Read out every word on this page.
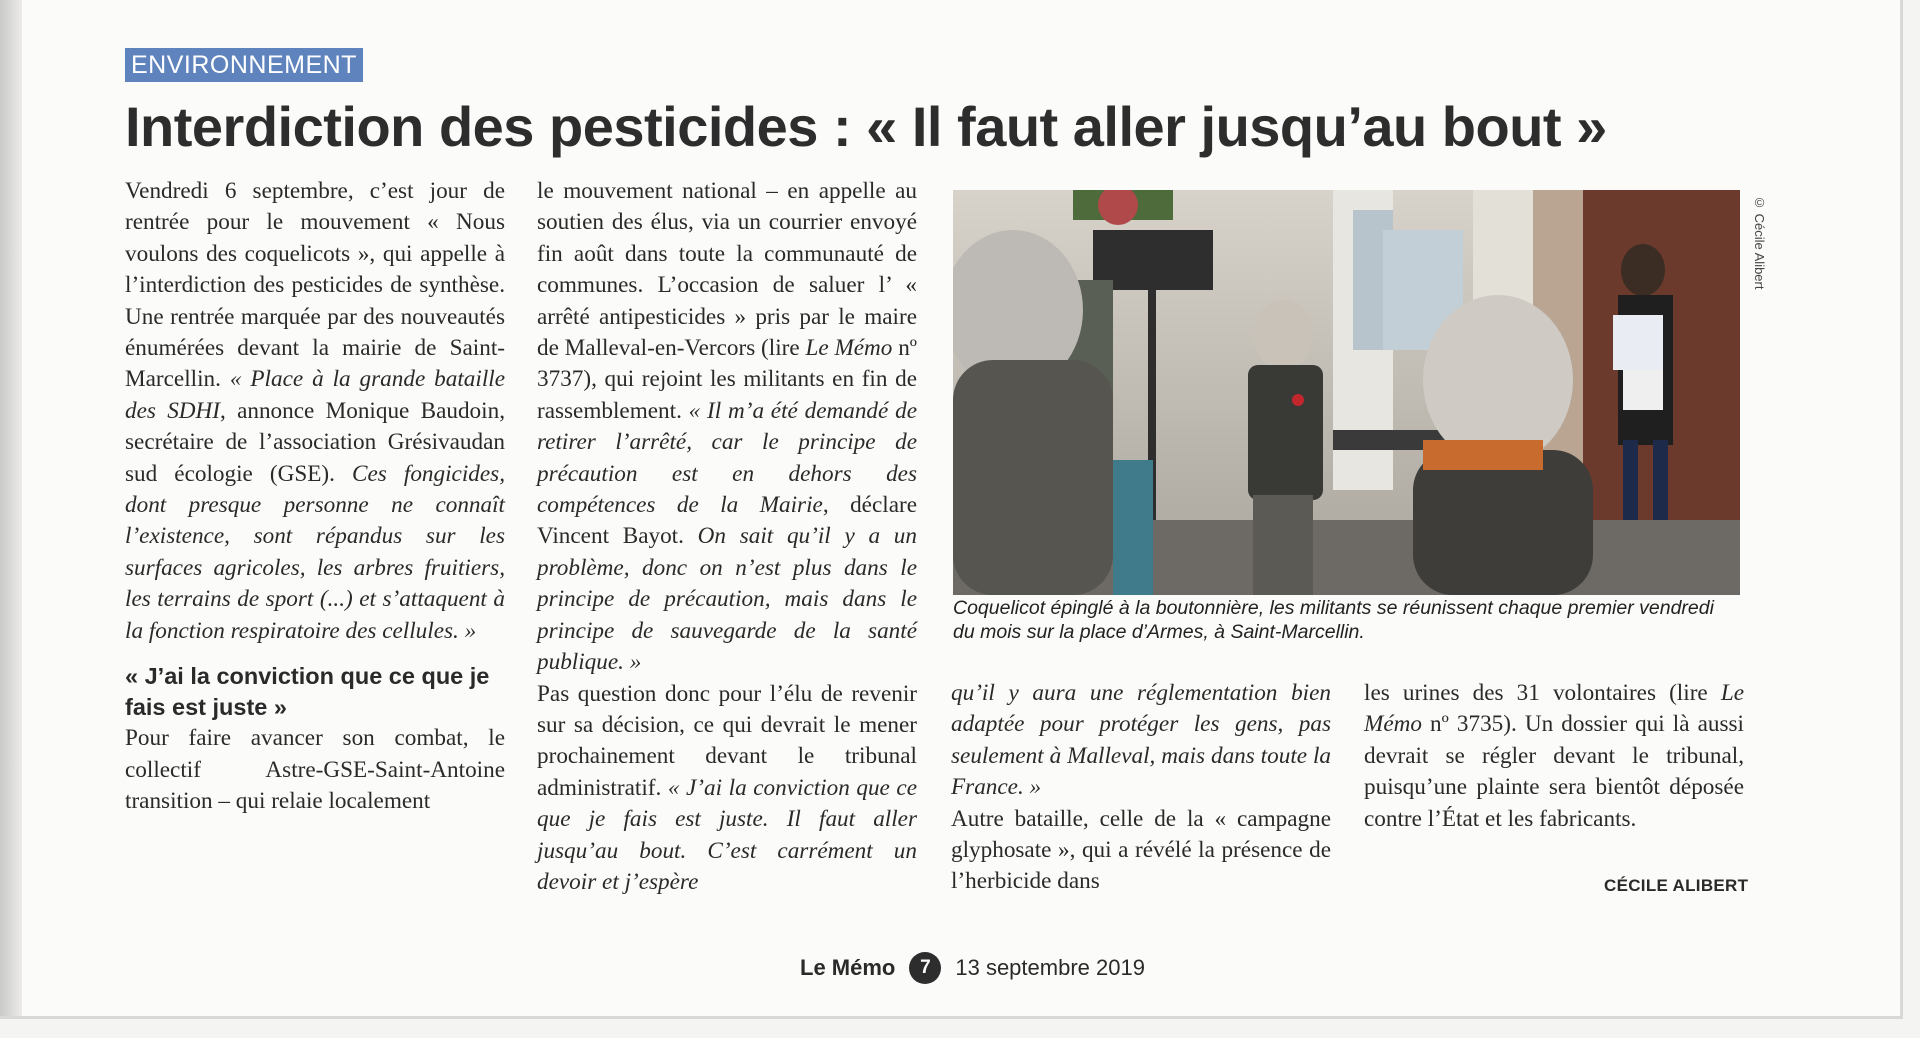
ENVIRONNEMENT
Interdiction des pesticides : « Il faut aller jusqu’au bout »

Vendredi 6 septembre, c’est jour de rentrée pour le mouvement « Nous voulons des coquelicots », qui appelle à l’interdiction des pesticides de synthèse. Une rentrée marquée par des nouveautés énumérées devant la mairie de Saint-Marcellin. « Place à la grande bataille des SDHI, annonce Monique Baudoin, secrétaire de l’association Grésivaudan sud écologie (GSE). Ces fongicides, dont presque personne ne connaît l’existence, sont répandus sur les surfaces agricoles, les arbres fruitiers, les terrains de sport (...) et s’attaquent à la fonction respiratoire des cellules. »

« J’ai la conviction que ce que je fais est juste »

Pour faire avancer son combat, le collectif Astre-GSE-Saint-Antoine transition – qui relaie localement

le mouvement national – en appelle au soutien des élus, via un courrier envoyé fin août dans toute la communauté de communes. L’occasion de saluer l’ « arrêté antipesticides » pris par le maire de Malleval-en-Vercors (lire Le Mémo nº 3737), qui rejoint les militants en fin de rassemblement. « Il m’a été demandé de retirer l’arrêté, car le principe de précaution est en dehors des compétences de la Mairie, déclare Vincent Bayot. On sait qu’il y a un problème, donc on n’est plus dans le principe de précaution, mais dans le principe de sauvegarde de la santé publique. »

Pas question donc pour l’élu de revenir sur sa décision, ce qui devrait le mener prochainement devant le tribunal administratif. « J’ai la conviction que ce que je fais est juste. Il faut aller jusqu’au bout. C’est carrément un devoir et j’espère

© Cécile Alibert
Coquelicot épinglé à la boutonnière, les militants se réunissent chaque premier vendredi du mois sur la place d’Armes, à Saint-Marcellin.

qu’il y aura une réglementation bien adaptée pour protéger les gens, pas seulement à Malleval, mais dans toute la France. »

Autre bataille, celle de la « campagne glyphosate », qui a révélé la présence de l’herbicide dans

les urines des 31 volontaires (lire Le Mémo nº 3735). Un dossier qui là aussi devrait se régler devant le tribunal, puisqu’une plainte sera bientôt déposée contre l’État et les fabricants.

CÉCILE ALIBERT
Le Mémo	7	13 septembre 2019
